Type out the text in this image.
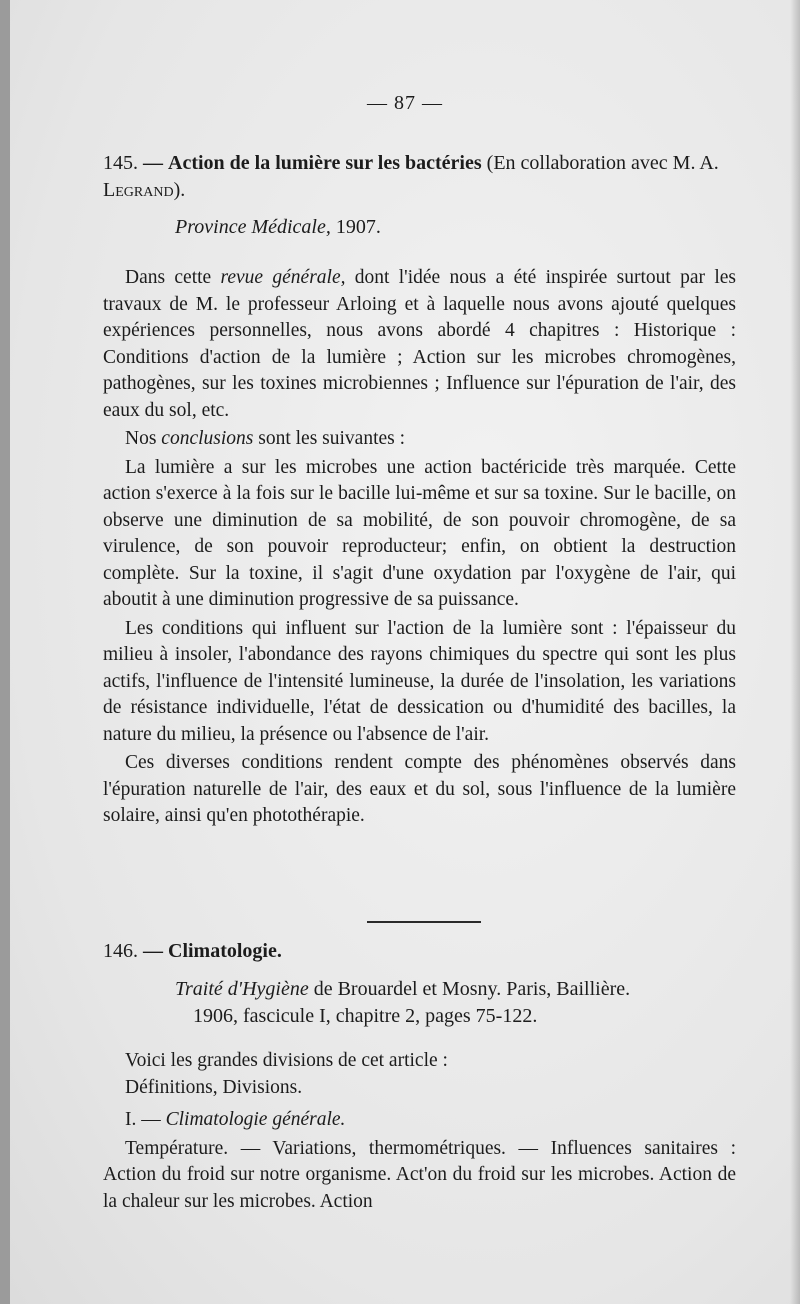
— 87 —

145. — Action de la lumière sur les bactéries (En collaboration avec M. A. Legrand).

Province Médicale, 1907.

Dans cette revue générale, dont l'idée nous a été inspirée surtout par les travaux de M. le professeur Arloing et à laquelle nous avons ajouté quelques expériences personnelles, nous avons abordé 4 chapitres : Historique : Conditions d'action de la lumière ; Action sur les microbes chromogènes, pathogènes, sur les toxines microbiennes ; Influence sur l'épuration de l'air, des eaux du sol, etc.

Nos conclusions sont les suivantes :

La lumière a sur les microbes une action bactéricide très marquée. Cette action s'exerce à la fois sur le bacille lui-même et sur sa toxine. Sur le bacille, on observe une diminution de sa mobilité, de son pouvoir chromogène, de sa virulence, de son pouvoir reproducteur; enfin, on obtient la destruction complète. Sur la toxine, il s'agit d'une oxydation par l'oxygène de l'air, qui aboutit à une diminution progressive de sa puissance.

Les conditions qui influent sur l'action de la lumière sont : l'épaisseur du milieu à insoler, l'abondance des rayons chimiques du spectre qui sont les plus actifs, l'influence de l'intensité lumineuse, la durée de l'insolation, les variations de résistance individuelle, l'état de dessication ou d'humidité des bacilles, la nature du milieu, la présence ou l'absence de l'air.

Ces diverses conditions rendent compte des phénomènes observés dans l'épuration naturelle de l'air, des eaux et du sol, sous l'influence de la lumière solaire, ainsi qu'en photothérapie.

146. — Climatologie.

Traité d'Hygiène de Brouardel et Mosny. Paris, Baillière.
1906, fascicule I, chapitre 2, pages 75-122.

Voici les grandes divisions de cet article :

Définitions, Divisions.

I. — Climatologie générale.

Température. — Variations, thermométriques. — Influences sanitaires : Action du froid sur notre organisme. Act'on du froid sur les microbes. Action de la chaleur sur les microbes. Action
